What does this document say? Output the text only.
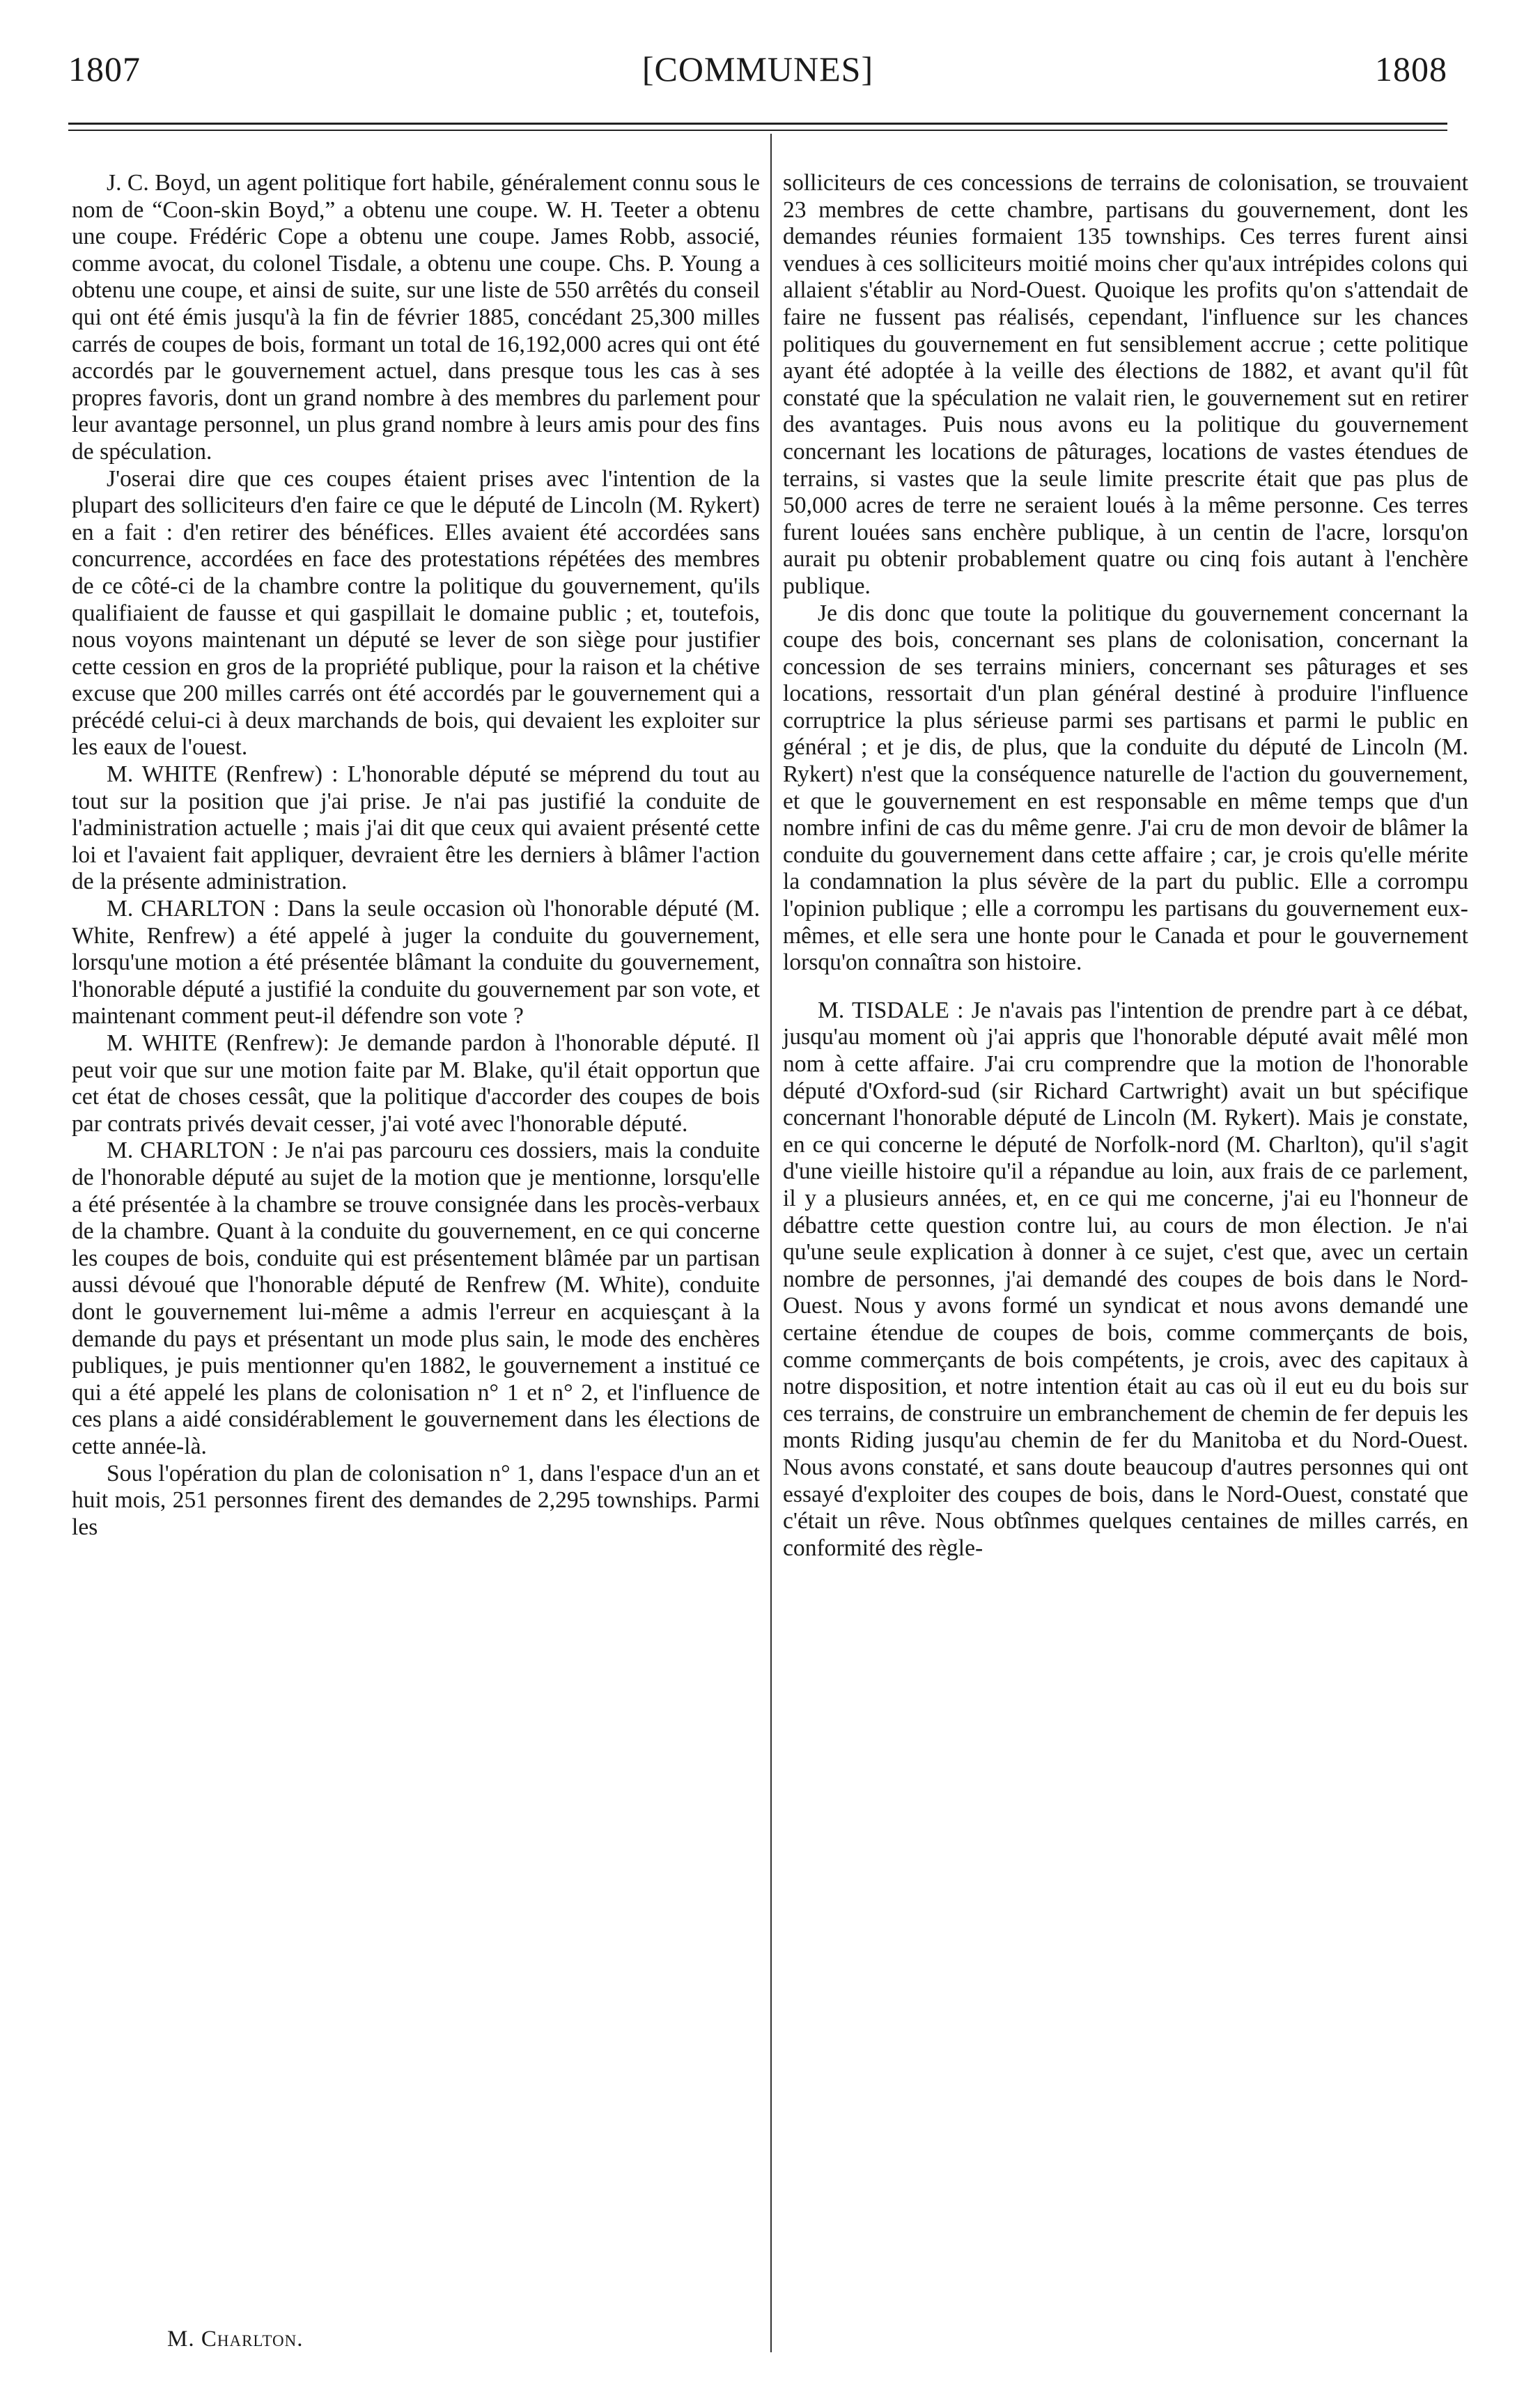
1807	[COMMUNES]	1808

J. C. Boyd, un agent politique fort habile, généralement connu sous le nom de “Coon-skin Boyd,” a obtenu une coupe. W. H. Teeter a obtenu une coupe. Frédéric Cope a obtenu une coupe. James Robb, associé, comme avocat, du colonel Tisdale, a obtenu une coupe. Chs. P. Young a obtenu une coupe, et ainsi de suite, sur une liste de 550 arrêtés du conseil qui ont été émis jusqu'à la fin de février 1885, concédant 25,300 milles carrés de coupes de bois, formant un total de 16,192,000 acres qui ont été accordés par le gouvernement actuel, dans presque tous les cas à ses propres favoris, dont un grand nombre à des membres du parlement pour leur avantage personnel, un plus grand nombre à leurs amis pour des fins de spéculation.

J'oserai dire que ces coupes étaient prises avec l'intention de la plupart des solliciteurs d'en faire ce que le député de Lincoln (M. Rykert) en a fait : d'en retirer des bénéfices. Elles avaient été accordées sans concurrence, accordées en face des protestations répétées des membres de ce côté-ci de la chambre contre la politique du gouvernement, qu'ils qualifiaient de fausse et qui gaspillait le domaine public ; et, toutefois, nous voyons maintenant un député se lever de son siège pour justifier cette cession en gros de la propriété publique, pour la raison et la chétive excuse que 200 milles carrés ont été accordés par le gouvernement qui a précédé celui-ci à deux marchands de bois, qui devaient les exploiter sur les eaux de l'ouest.

M. WHITE (Renfrew) : L'honorable député se méprend du tout au tout sur la position que j'ai prise. Je n'ai pas justifié la conduite de l'administration actuelle ; mais j'ai dit que ceux qui avaient présenté cette loi et l'avaient fait appliquer, devraient être les derniers à blâmer l'action de la présente administration.

M. CHARLTON : Dans la seule occasion où l'honorable député (M. White, Renfrew) a été appelé à juger la conduite du gouvernement, lorsqu'une motion a été présentée blâmant la conduite du gouvernement, l'honorable député a justifié la conduite du gouvernement par son vote, et maintenant comment peut-il défendre son vote ?

M. WHITE (Renfrew): Je demande pardon à l'honorable député. Il peut voir que sur une motion faite par M. Blake, qu'il était opportun que cet état de choses cessât, que la politique d'accorder des coupes de bois par contrats privés devait cesser, j'ai voté avec l'honorable député.

M. CHARLTON : Je n'ai pas parcouru ces dossiers, mais la conduite de l'honorable député au sujet de la motion que je mentionne, lorsqu'elle a été présentée à la chambre se trouve consignée dans les procès-verbaux de la chambre. Quant à la conduite du gouvernement, en ce qui concerne les coupes de bois, conduite qui est présentement blâmée par un partisan aussi dévoué que l'honorable député de Renfrew (M. White), conduite dont le gouvernement lui-même a admis l'erreur en acquiesçant à la demande du pays et présentant un mode plus sain, le mode des enchères publiques, je puis mentionner qu'en 1882, le gouvernement a institué ce qui a été appelé les plans de colonisation n° 1 et n° 2, et l'influence de ces plans a aidé considérablement le gouvernement dans les élections de cette année-là.

Sous l'opération du plan de colonisation n° 1, dans l'espace d'un an et huit mois, 251 personnes firent des demandes de 2,295 townships. Parmi les

solliciteurs de ces concessions de terrains de colonisation, se trouvaient 23 membres de cette chambre, partisans du gouvernement, dont les demandes réunies formaient 135 townships. Ces terres furent ainsi vendues à ces solliciteurs moitié moins cher qu'aux intrépides colons qui allaient s'établir au Nord-Ouest. Quoique les profits qu'on s'attendait de faire ne fussent pas réalisés, cependant, l'influence sur les chances politiques du gouvernement en fut sensiblement accrue ; cette politique ayant été adoptée à la veille des élections de 1882, et avant qu'il fût constaté que la spéculation ne valait rien, le gouvernement sut en retirer des avantages. Puis nous avons eu la politique du gouvernement concernant les locations de pâturages, locations de vastes étendues de terrains, si vastes que la seule limite prescrite était que pas plus de 50,000 acres de terre ne seraient loués à la même personne. Ces terres furent louées sans enchère publique, à un centin de l'acre, lorsqu'on aurait pu obtenir probablement quatre ou cinq fois autant à l'enchère publique.

Je dis donc que toute la politique du gouvernement concernant la coupe des bois, concernant ses plans de colonisation, concernant la concession de ses terrains miniers, concernant ses pâturages et ses locations, ressortait d'un plan général destiné à produire l'influence corruptrice la plus sérieuse parmi ses partisans et parmi le public en général ; et je dis, de plus, que la conduite du député de Lincoln (M. Rykert) n'est que la conséquence naturelle de l'action du gouvernement, et que le gouvernement en est responsable en même temps que d'un nombre infini de cas du même genre. J'ai cru de mon devoir de blâmer la conduite du gouvernement dans cette affaire ; car, je crois qu'elle mérite la condamnation la plus sévère de la part du public. Elle a corrompu l'opinion publique ; elle a corrompu les partisans du gouvernement eux-mêmes, et elle sera une honte pour le Canada et pour le gouvernement lorsqu'on connaîtra son histoire.

M. TISDALE : Je n'avais pas l'intention de prendre part à ce débat, jusqu'au moment où j'ai appris que l'honorable député avait mêlé mon nom à cette affaire. J'ai cru comprendre que la motion de l'honorable député d'Oxford-sud (sir Richard Cartwright) avait un but spécifique concernant l'honorable député de Lincoln (M. Rykert). Mais je constate, en ce qui concerne le député de Norfolk-nord (M. Charlton), qu'il s'agit d'une vieille histoire qu'il a répandue au loin, aux frais de ce parlement, il y a plusieurs années, et, en ce qui me concerne, j'ai eu l'honneur de débattre cette question contre lui, au cours de mon élection. Je n'ai qu'une seule explication à donner à ce sujet, c'est que, avec un certain nombre de personnes, j'ai demandé des coupes de bois dans le Nord-Ouest. Nous y avons formé un syndicat et nous avons demandé une certaine étendue de coupes de bois, comme commerçants de bois, comme commerçants de bois compétents, je crois, avec des capitaux à notre disposition, et notre intention était au cas où il eut eu du bois sur ces terrains, de construire un embranchement de chemin de fer depuis les monts Riding jusqu'au chemin de fer du Manitoba et du Nord-Ouest. Nous avons constaté, et sans doute beaucoup d'autres personnes qui ont essayé d'exploiter des coupes de bois, dans le Nord-Ouest, constaté que c'était un rêve. Nous obtînmes quelques centaines de milles carrés, en conformité des règle-

M. Charlton.
